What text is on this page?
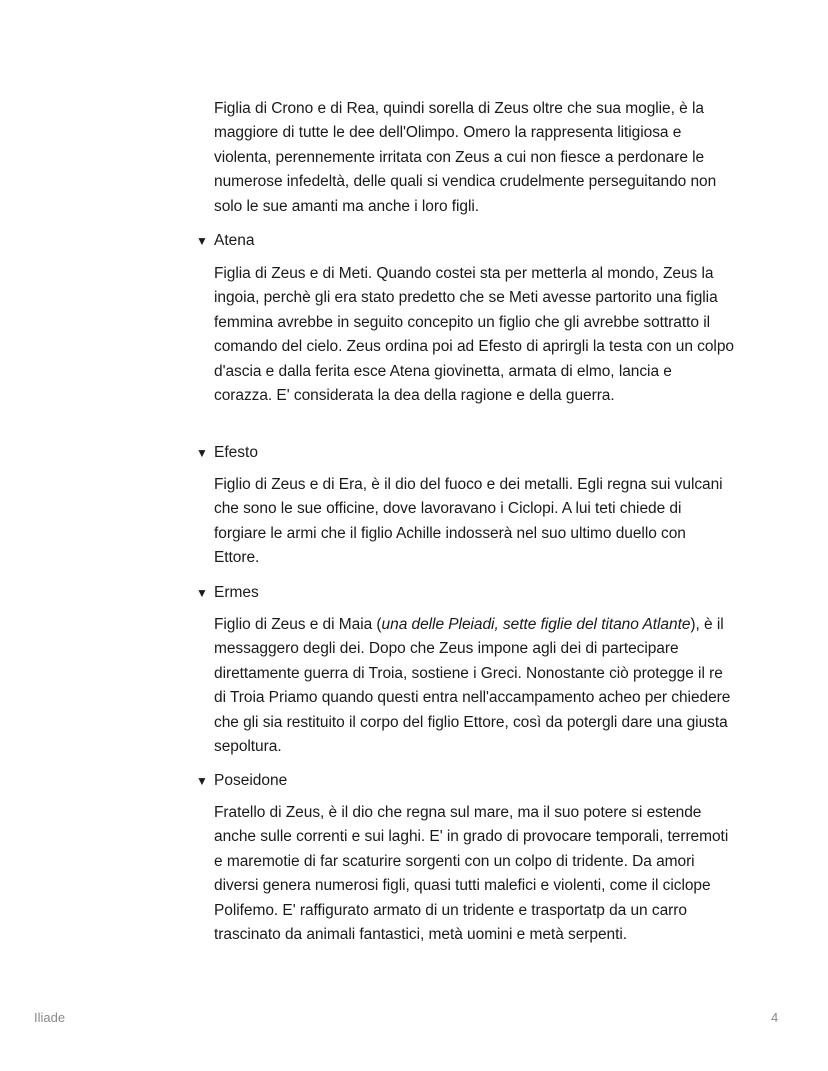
Figlia di Crono e di Rea, quindi sorella di Zeus oltre che sua moglie, è la maggiore di tutte le dee dell'Olimpo. Omero la rappresenta litigiosa e violenta, perennemente irritata con Zeus a cui non fiesce a perdonare le numerose infedeltà, delle quali si vendica crudelmente perseguitando non solo le sue amanti ma anche i loro figli.

▼ Atena

Figlia di Zeus e di Meti. Quando costei sta per metterla al mondo, Zeus la ingoia, perchè gli era stato predetto che se Meti avesse partorito una figlia femmina avrebbe in seguito concepito un figlio che gli avrebbe sottratto il comando del cielo. Zeus ordina poi ad Efesto di aprirgli la testa con un colpo d'ascia e dalla ferita esce Atena giovinetta, armata di elmo, lancia e corazza. E' considerata la dea della ragione e della guerra.

▼ Efesto

Figlio di Zeus e di Era, è il dio del fuoco e dei metalli. Egli regna sui vulcani che sono le sue officine, dove lavoravano i Ciclopi. A lui teti chiede di forgiare le armi che il figlio Achille indosserà nel suo ultimo duello con Ettore.

▼ Ermes

Figlio di Zeus e di Maia (una delle Pleiadi, sette figlie del titano Atlante), è il messaggero degli dei. Dopo che Zeus impone agli dei di partecipare direttamente guerra di Troia, sostiene i Greci. Nonostante ciò protegge il re di Troia Priamo quando questi entra nell'accampamento acheo per chiedere che gli sia restituito il corpo del figlio Ettore, così da potergli dare una giusta sepoltura.

▼ Poseidone

Fratello di Zeus, è il dio che regna sul mare, ma il suo potere si estende anche sulle correnti e sui laghi. E' in grado di provocare temporali, terremoti e maremotie di far scaturire sorgenti con un colpo di tridente. Da amori diversi genera numerosi figli, quasi tutti malefici e violenti, come il ciclope Polifemo. E' raffigurato armato di un tridente e trasportatp da un carro trascinato da animali fantastici, metà uomini e metà serpenti.

Iliade	4
